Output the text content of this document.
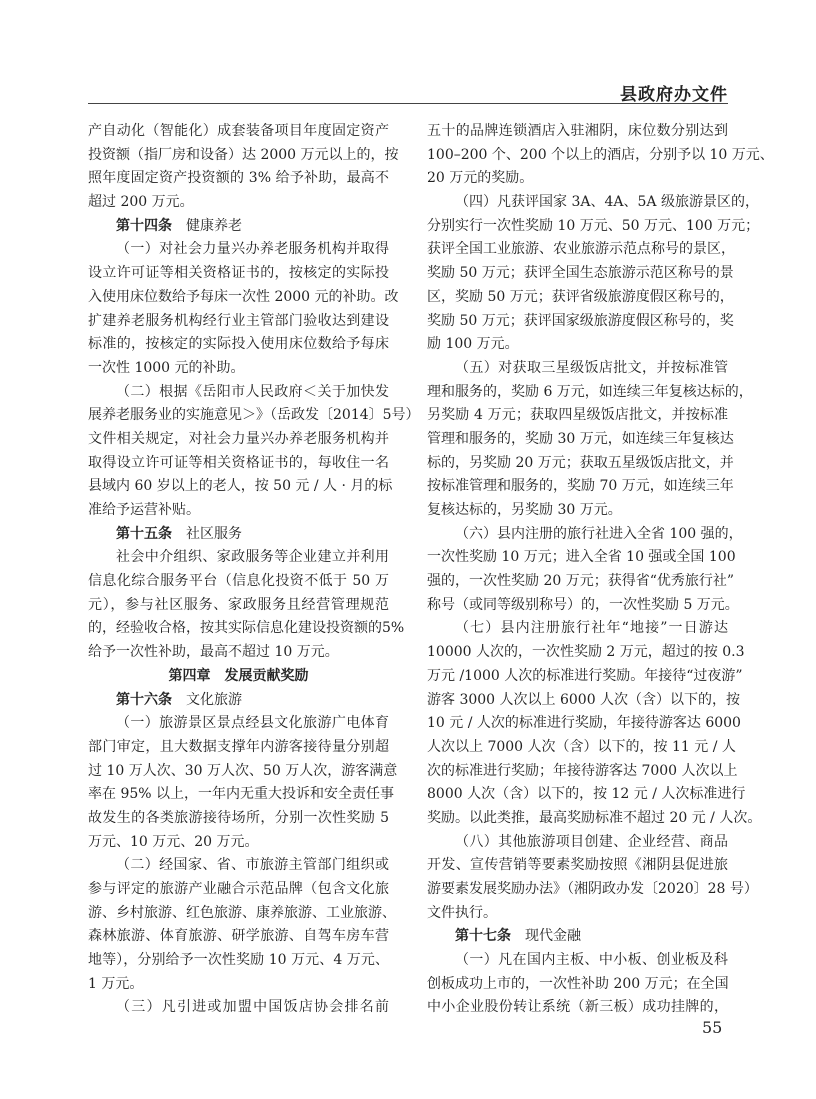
县政府办文件
产自动化（智能化）成套装备项目年度固定资产
投资额（指厂房和设备）达 2000 万元以上的，按
照年度固定资产投资额的 3% 给予补助，最高不
超过 200 万元。
第十四条 健康养老
（一）对社会力量兴办养老服务机构并取得
设立许可证等相关资格证书的，按核定的实际投
入使用床位数给予每床一次性 2000 元的补助。改
扩建养老服务机构经行业主管部门验收达到建设
标准的，按核定的实际投入使用床位数给予每床
一次性 1000 元的补助。
（二）根据《岳阳市人民政府＜关于加快发
展养老服务业的实施意见＞》（岳政发〔2014〕5号）
文件相关规定，对社会力量兴办养老服务机构并
取得设立许可证等相关资格证书的，每收住一名
县域内 60 岁以上的老人，按 50 元 / 人 · 月的标
准给予运营补贴。
第十五条 社区服务
社会中介组织、家政服务等企业建立并利用
信息化综合服务平台（信息化投资不低于 50 万
元），参与社区服务、家政服务且经营管理规范
的，经验收合格，按其实际信息化建设投资额的5%
给予一次性补助，最高不超过 10 万元。
第四章 发展贡献奖励
第十六条 文化旅游
（一）旅游景区景点经县文化旅游广电体育
部门审定，且大数据支撑年内游客接待量分别超
过 10 万人次、30 万人次、50 万人次，游客满意
率在 95% 以上，一年内无重大投诉和安全责任事
故发生的各类旅游接待场所，分别一次性奖励 5
万元、10 万元、20 万元。
（二）经国家、省、市旅游主管部门组织或
参与评定的旅游产业融合示范品牌（包含文化旅
游、乡村旅游、红色旅游、康养旅游、工业旅游、
森林旅游、体育旅游、研学旅游、自驾车房车营
地等），分别给予一次性奖励 10 万元、4 万元、
1 万元。
（三）凡引进或加盟中国饭店协会排名前
五十的品牌连锁酒店入驻湘阴，床位数分别达到
100–200 个、200 个以上的酒店，分别予以 10 万元、
20 万元的奖励。
（四）凡获评国家 3A、4A、5A 级旅游景区的，
分别实行一次性奖励 10 万元、50 万元、100 万元；
获评全国工业旅游、农业旅游示范点称号的景区，
奖励 50 万元；获评全国生态旅游示范区称号的景
区，奖励 50 万元；获评省级旅游度假区称号的，
奖励 50 万元；获评国家级旅游度假区称号的，奖
励 100 万元。
（五）对获取三星级饭店批文，并按标准管
理和服务的，奖励 6 万元，如连续三年复核达标的，
另奖励 4 万元；获取四星级饭店批文，并按标准
管理和服务的，奖励 30 万元，如连续三年复核达
标的，另奖励 20 万元；获取五星级饭店批文，并
按标准管理和服务的，奖励 70 万元，如连续三年
复核达标的，另奖励 30 万元。
（六）县内注册的旅行社进入全省 100 强的，
一次性奖励 10 万元；进入全省 10 强或全国 100
强的，一次性奖励 20 万元；获得省“优秀旅行社”
称号（或同等级别称号）的，一次性奖励 5 万元。
（七）县内注册旅行社年“地接”一日游达
10000 人次的，一次性奖励 2 万元，超过的按 0.3
万元 /1000 人次的标准进行奖励。年接待“过夜游”
游客 3000 人次以上 6000 人次（含）以下的，按
10 元 / 人次的标准进行奖励，年接待游客达 6000
人次以上 7000 人次（含）以下的，按 11 元 / 人
次的标准进行奖励；年接待游客达 7000 人次以上
8000 人次（含）以下的，按 12 元 / 人次标准进行
奖励。以此类推，最高奖励标准不超过 20 元 / 人次。
（八）其他旅游项目创建、企业经营、商品
开发、宣传营销等要素奖励按照《湘阴县促进旅
游要素发展奖励办法》（湘阴政办发〔2020〕28 号）
文件执行。
第十七条 现代金融
（一）凡在国内主板、中小板、创业板及科
创板成功上市的，一次性补助 200 万元；在全国
中小企业股份转让系统（新三板）成功挂牌的，
55
